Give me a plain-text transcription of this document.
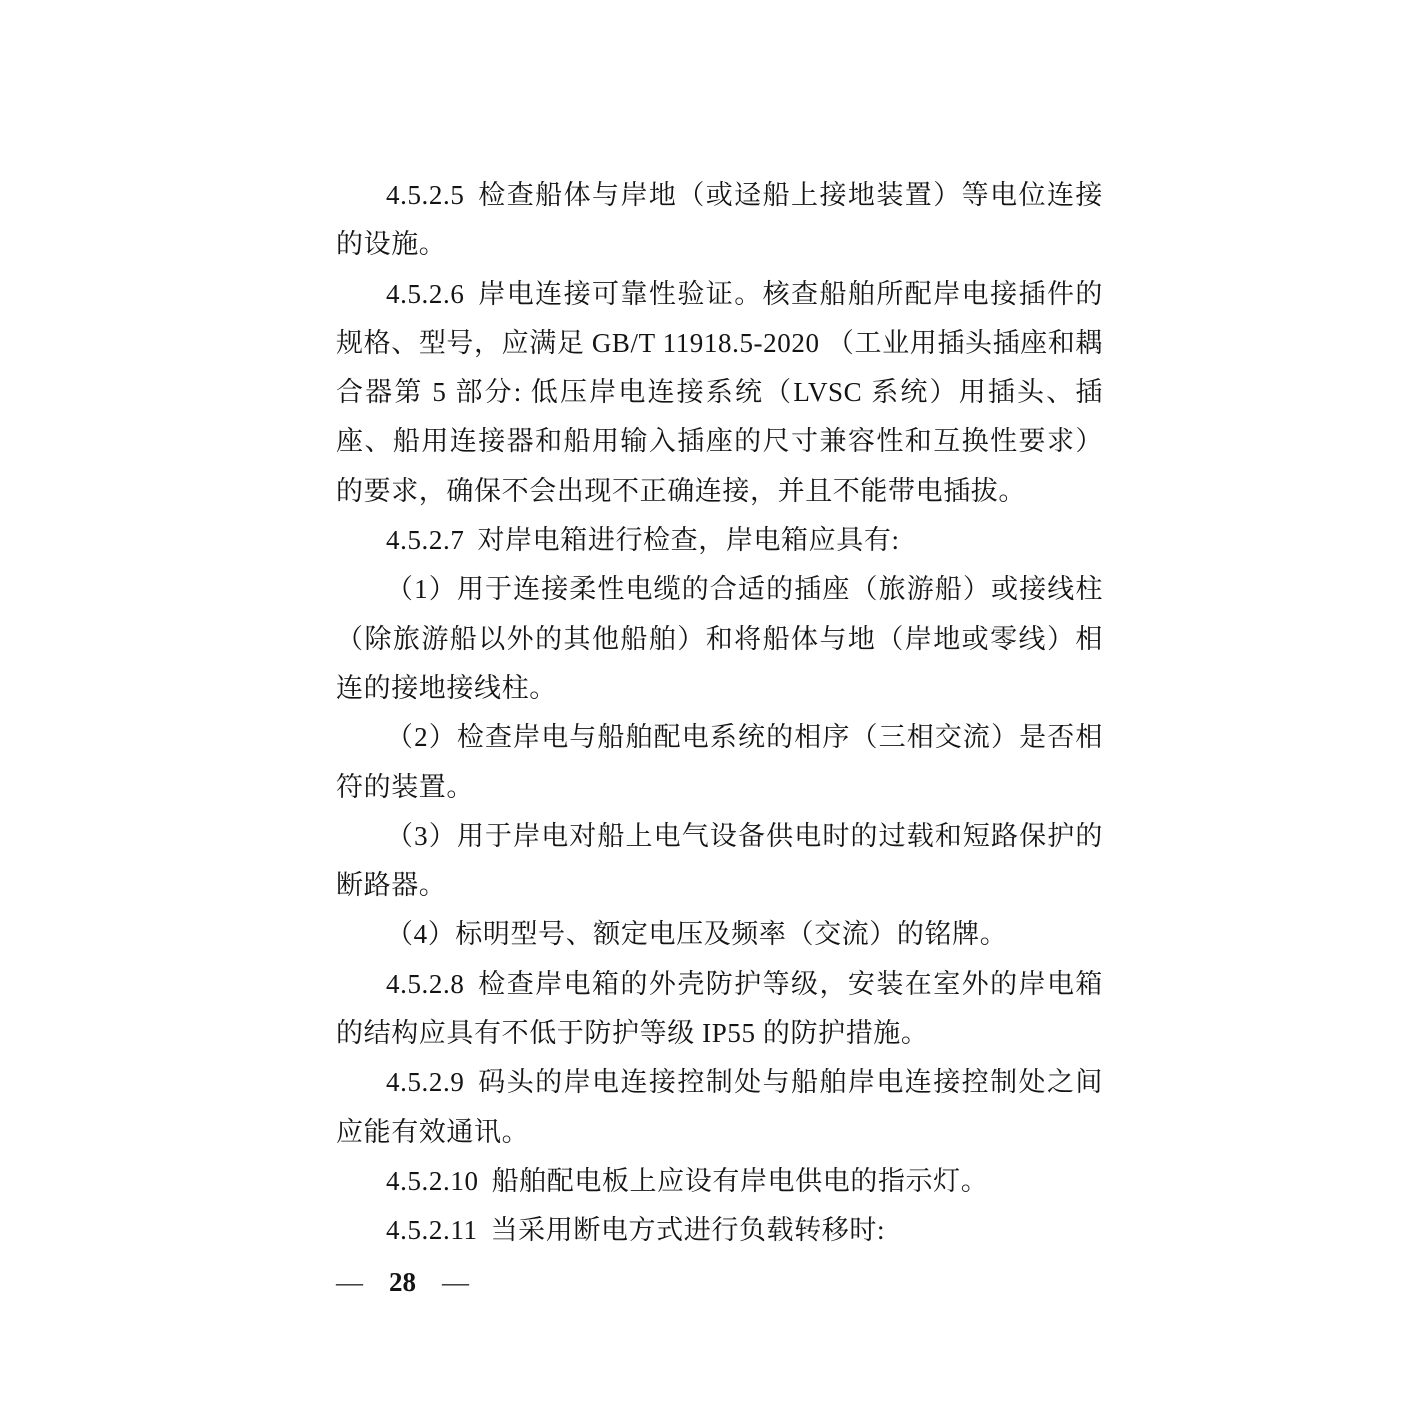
4.5.2.5 检查船体与岸地（或迳船上接地装置）等电位连接的设施。

4.5.2.6 岸电连接可靠性验证。核查船舶所配岸电接插件的规格、型号，应满足 GB/T 11918.5-2020 （工业用插头插座和耦合器第 5 部分: 低压岸电连接系统（LVSC 系统）用插头、插座、船用连接器和船用输入插座的尺寸兼容性和互换性要求）的要求，确保不会出现不正确连接，并且不能带电插拔。

4.5.2.7 对岸电箱进行检查，岸电箱应具有:

（1）用于连接柔性电缆的合适的插座（旅游船）或接线柱（除旅游船以外的其他船舶）和将船体与地（岸地或零线）相连的接地接线柱。

（2）检查岸电与船舶配电系统的相序（三相交流）是否相符的装置。

（3）用于岸电对船上电气设备供电时的过载和短路保护的断路器。

（4）标明型号、额定电压及频率（交流）的铭牌。

4.5.2.8 检查岸电箱的外壳防护等级，安装在室外的岸电箱的结构应具有不低于防护等级 IP55 的防护措施。

4.5.2.9 码头的岸电连接控制处与船舶岸电连接控制处之间应能有效通讯。

4.5.2.10 船舶配电板上应设有岸电供电的指示灯。

4.5.2.11 当采用断电方式进行负载转移时:

— 28 —
